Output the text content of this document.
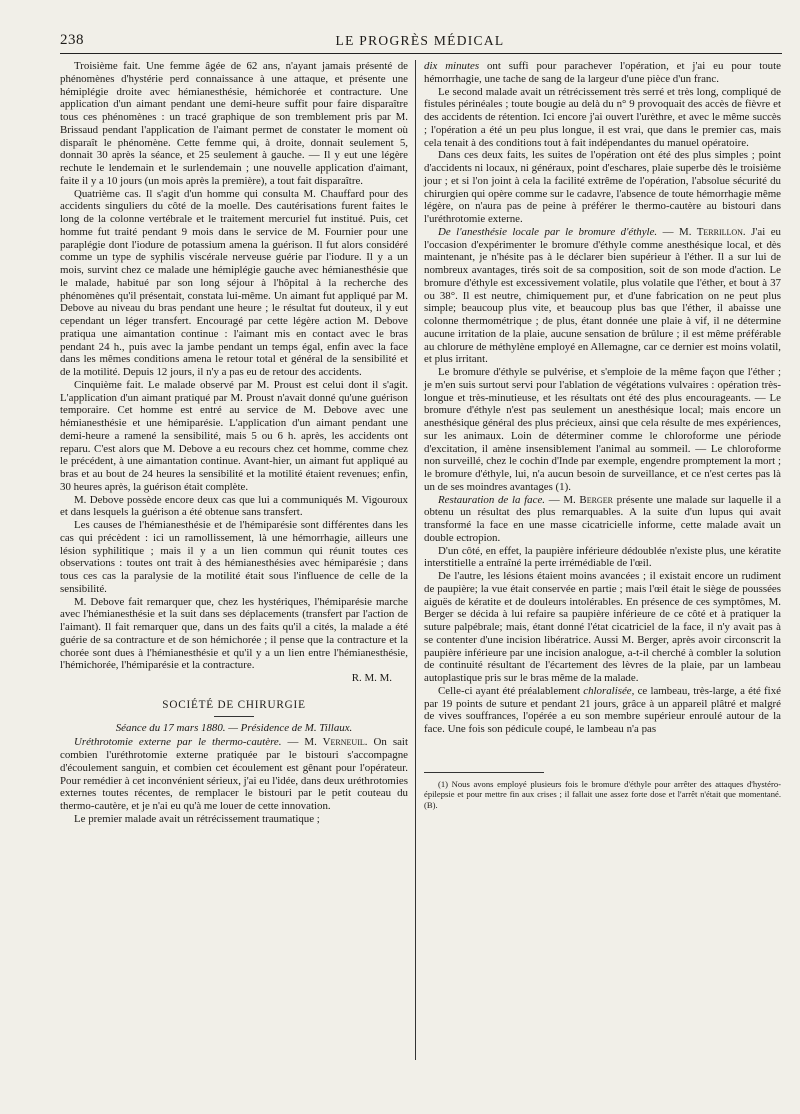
238	LE PROGRÈS MÉDICAL

Troisième fait. Une femme âgée de 62 ans, n'ayant jamais présenté de phénomènes d'hystérie perd connaissance à une attaque, et présente une hémiplégie droite avec hémianesthésie, hémichorée et contracture. Une application d'un aimant pendant une demi-heure suffit pour faire disparaître tous ces phénomènes : un tracé graphique de son tremblement pris par M. Brissaud pendant l'application de l'aimant permet de constater le moment où disparaît le phénomène. Cette femme qui, à droite, donnait seulement 5, donnait 30 après la séance, et 25 seulement à gauche. — Il y eut une légère rechute le lendemain et le surlendemain ; une nouvelle application d'aimant, faite il y a 10 jours (un mois après la première), a tout fait disparaître.

Quatrième cas. Il s'agit d'un homme qui consulta M. Chauffard pour des accidents singuliers du côté de la moelle. Des cautérisations furent faites le long de la colonne vertébrale et le traitement mercuriel fut institué. Puis, cet homme fut traité pendant 9 mois dans le service de M. Fournier pour une paraplégie dont l'iodure de potassium amena la guérison. Il fut alors considéré comme un type de syphilis viscérale nerveuse guérie par l'iodure. Il y a un mois, survint chez ce malade une hémiplégie gauche avec hémianesthésie que le malade, habitué par son long séjour à l'hôpital à la recherche des phénomènes qu'il présentait, constata lui-même. Un aimant fut appliqué par M. Debove au niveau du bras pendant une heure ; le résultat fut douteux, il y eut cependant un léger transfert. Encouragé par cette légère action M. Debove pratiqua une aimantation continue : l'aimant mis en contact avec le bras pendant 24 h., puis avec la jambe pendant un temps égal, enfin avec la face dans les mêmes conditions amena le retour total et général de la sensibilité et de la motilité. Depuis 12 jours, il n'y a pas eu de retour des accidents.

Cinquième fait. Le malade observé par M. Proust est celui dont il s'agit. L'application d'un aimant pratiqué par M. Proust n'avait donné qu'une guérison temporaire. Cet homme est entré au service de M. Debove avec une hémianesthésie et une hémiparésie. L'application d'un aimant pendant une demi-heure a ramené la sensibilité, mais 5 ou 6 h. après, les accidents ont reparu. C'est alors que M. Debove a eu recours chez cet homme, comme chez le précédent, à une aimantation continue. Avant-hier, un aimant fut appliqué au bras et au bout de 24 heures la sensibilité et la motilité étaient revenues; enfin, 30 heures après, la guérison était complète.

M. Debove possède encore deux cas que lui a communiqués M. Vigouroux et dans lesquels la guérison a été obtenue sans transfert.

Les causes de l'hémianesthésie et de l'hémiparésie sont différentes dans les cas qui précèdent : ici un ramollissement, là une hémorrhagie, ailleurs une lésion syphilitique ; mais il y a un lien commun qui réunit toutes ces observations : toutes ont trait à des hémianesthésies avec hémiparésie ; dans tous ces cas la paralysie de la motilité était sous l'influence de celle de la sensibilité.

M. Debove fait remarquer que, chez les hystériques, l'hémiparésie marche avec l'hémianesthésie et la suit dans ses déplacements (transfert par l'action de l'aimant). Il fait remarquer que, dans un des faits qu'il a cités, la malade a été guérie de sa contracture et de son hémichorée ; il pense que la contracture et la chorée sont dues à l'hémianesthésie et qu'il y a un lien entre l'hémianesthésie, l'hémichorée, l'hémiparésie et la contracture.

R. M. M.

SOCIÉTÉ DE CHIRURGIE
Séance du 17 mars 1880. — Présidence de M. Tillaux.

Uréthrotomie externe par le thermo-cautère. — M. Verneuil. On sait combien l'uréthrotomie externe pratiquée par le bistouri s'accompagne d'écoulement sanguin, et combien cet écoulement est gênant pour l'opérateur. Pour remédier à cet inconvénient sérieux, j'ai eu l'idée, dans deux uréthrotomies externes toutes récentes, de remplacer le bistouri par le petit couteau du thermo-cautère, et je n'ai eu qu'à me louer de cette innovation.

Le premier malade avait un rétrécissement traumatique ;

dix minutes ont suffi pour parachever l'opération, et j'ai eu pour toute hémorrhagie, une tache de sang de la largeur d'une pièce d'un franc.

Le second malade avait un rétrécissement très serré et très long, compliqué de fistules périnéales ; toute bougie au delà du n° 9 provoquait des accès de fièvre et des accidents de rétention. Ici encore j'ai ouvert l'urèthre, et avec le même succès ; l'opération a été un peu plus longue, il est vrai, que dans le premier cas, mais cela tenait à des conditions tout à fait indépendantes du manuel opératoire.

Dans ces deux faits, les suites de l'opération ont été des plus simples ; point d'accidents ni locaux, ni généraux, point d'eschares, plaie superbe dès le troisième jour ; et si l'on joint à cela la facilité extrême de l'opération, l'absolue sécurité du chirurgien qui opère comme sur le cadavre, l'absence de toute hémorrhagie même légère, on n'aura pas de peine à préférer le thermo-cautère au bistouri dans l'uréthrotomie externe.

De l'anesthésie locale par le bromure d'éthyle. — M. Terrillon. J'ai eu l'occasion d'expérimenter le bromure d'éthyle comme anesthésique local, et dès maintenant, je n'hésite pas à le déclarer bien supérieur à l'éther. Il a sur lui de nombreux avantages, tirés soit de sa composition, soit de son mode d'action. Le bromure d'éthyle est excessivement volatile, plus volatile que l'éther, et bout à 37 ou 38°. Il est neutre, chimiquement pur, et d'une fabrication on ne peut plus simple; beaucoup plus vite, et beaucoup plus bas que l'éther, il abaisse une colonne thermométrique ; de plus, étant donnée une plaie à vif, il ne détermine aucune irritation de la plaie, aucune sensation de brûlure ; il est même préférable au chlorure de méthylène employé en Allemagne, car ce dernier est moins volatil, et plus irritant.

Le bromure d'éthyle se pulvérise, et s'emploie de la même façon que l'éther ; je m'en suis surtout servi pour l'ablation de végétations vulvaires : opération très-longue et très-minutieuse, et les résultats ont été des plus encourageants. — Le bromure d'éthyle n'est pas seulement un anesthésique local; mais encore un anesthésique général des plus précieux, ainsi que cela résulte de mes expériences, sur les animaux. Loin de déterminer comme le chloroforme une période d'excitation, il amène insensiblement l'animal au sommeil. — Le chloroforme non surveillé, chez le cochin d'Inde par exemple, engendre promptement la mort ; le bromure d'éthyle, lui, n'a aucun besoin de surveillance, et ce n'est certes pas là un de ses moindres avantages (1).

Restauration de la face. — M. Berger présente une malade sur laquelle il a obtenu un résultat des plus remarquables. A la suite d'un lupus qui avait transformé la face en une masse cicatricielle informe, cette malade avait un double ectropion.

D'un côté, en effet, la paupière inférieure dédoublée n'existe plus, une kératite interstitielle a entraîné la perte irrémédiable de l'œil.

De l'autre, les lésions étaient moins avancées ; il existait encore un rudiment de paupière; la vue était conservée en partie ; mais l'œil était le siège de poussées aiguës de kératite et de douleurs intolérables. En présence de ces symptômes, M. Berger se décida à lui refaire sa paupière inférieure de ce côté et à pratiquer la suture palpébrale; mais, étant donné l'état cicatriciel de la face, il n'y avait pas à se contenter d'une incision libératrice. Aussi M. Berger, après avoir circonscrit la paupière inférieure par une incision analogue, a-t-il cherché à combler la solution de continuité résultant de l'écartement des lèvres de la plaie, par un lambeau autoplastique pris sur le bras même de la malade.

Celle-ci ayant été préalablement chloralisée, ce lambeau, très-large, a été fixé par 19 points de suture et pendant 21 jours, grâce à un appareil plâtré et malgré de vives souffrances, l'opérée a eu son membre supérieur enroulé autour de la face. Une fois son pédicule coupé, le lambeau n'a pas

(1) Nous avons employé plusieurs fois le bromure d'éthyle pour arrêter des attaques d'hystéro-épilepsie et pour mettre fin aux crises ; il fallait une assez forte dose et l'arrêt n'était que momentané. (B).
